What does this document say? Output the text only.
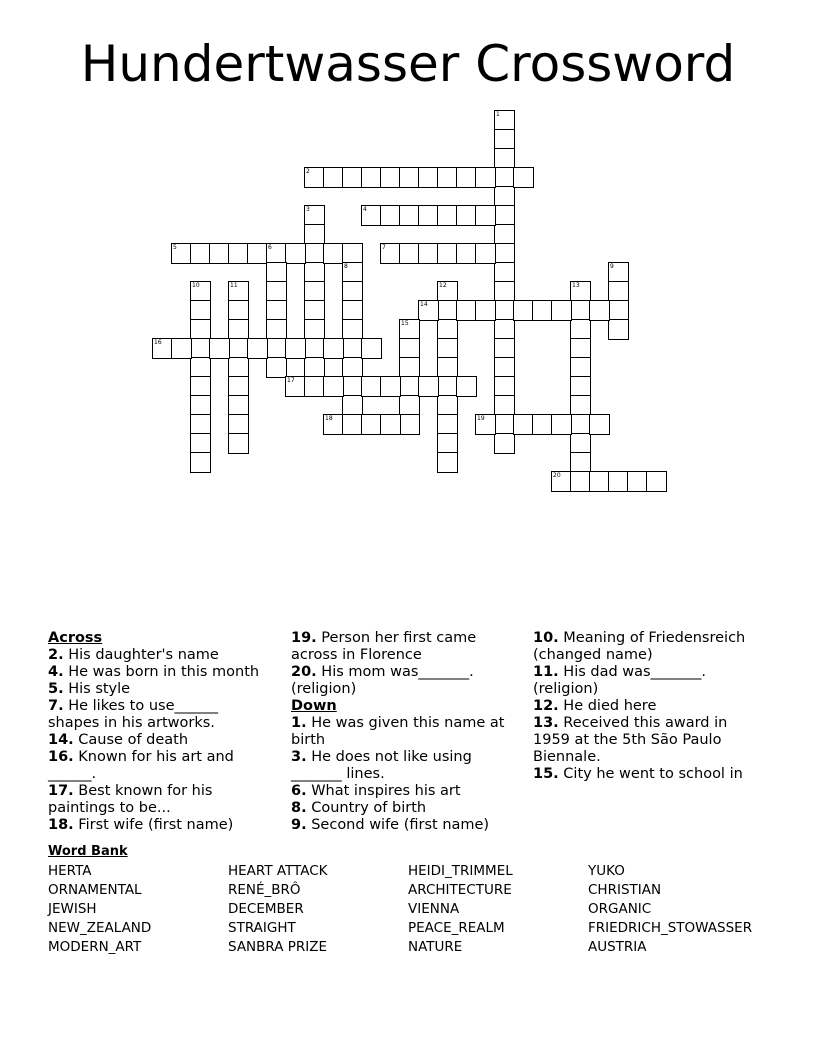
Hundertwasser Crossword
1
2
3	4
5	6	7
8	9
10	11	12	13
14
15
16
17
18	19
20
Across
2. His daughter's name
4. He was born in this month
5. His style
7. He likes to use______ shapes in his artworks.
14. Cause of death
16. Known for his art and ______.
17. Best known for his paintings to be...
18. First wife (first name)
19. Person her first came across in Florence
20. His mom was_______. (religion)
Down
1. He was given this name at birth
3. He does not like using _______ lines.
6. What inspires his art
8. Country of birth
9. Second wife (first name)
10. Meaning of Friedensreich (changed name)
11. His dad was_______. (religion)
12. He died here
13. Received this award in 1959 at the 5th São Paulo Biennale.
15. City he went to school in
Word Bank
HERTA
ORNAMENTAL
JEWISH
NEW_ZEALAND
MODERN_ART
HEART ATTACK
RENÉ_BRÔ
DECEMBER
STRAIGHT
SANBRA PRIZE
HEIDI_TRIMMEL
ARCHITECTURE
VIENNA
PEACE_REALM
NATURE
YUKO
CHRISTIAN
ORGANIC
FRIEDRICH_STOWASSER
AUSTRIA
